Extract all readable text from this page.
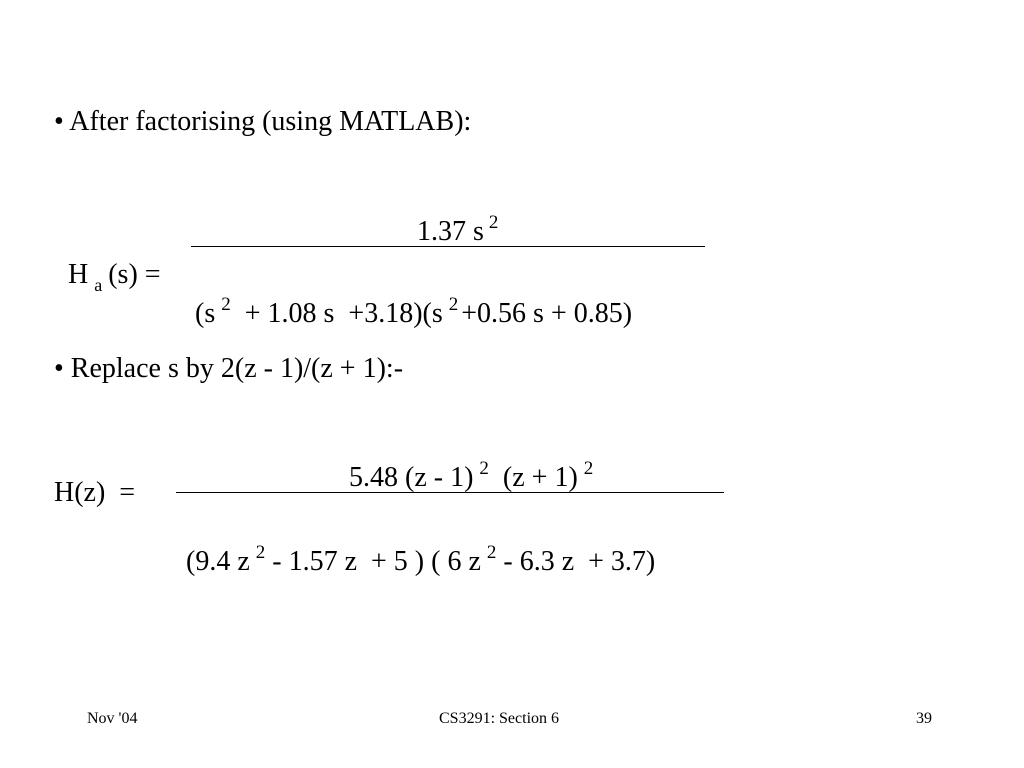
• After factorising (using MATLAB):

1.37 s $^2$

H $_a$ (s) =

(s $^2$  + 1.08 s  +3.18)(s $^2$ +0.56 s + 0.85)

• Replace s by 2(z - 1)/(z + 1):-

5.48 (z - 1) $^2$  (z + 1) $^2$

H(z)  =

(9.4 z $^2$ - 1.57 z  + 5 ) ( 6 z $^2$ - 6.3 z  + 3.7)

Nov '04	CS3291: Section 6	39
